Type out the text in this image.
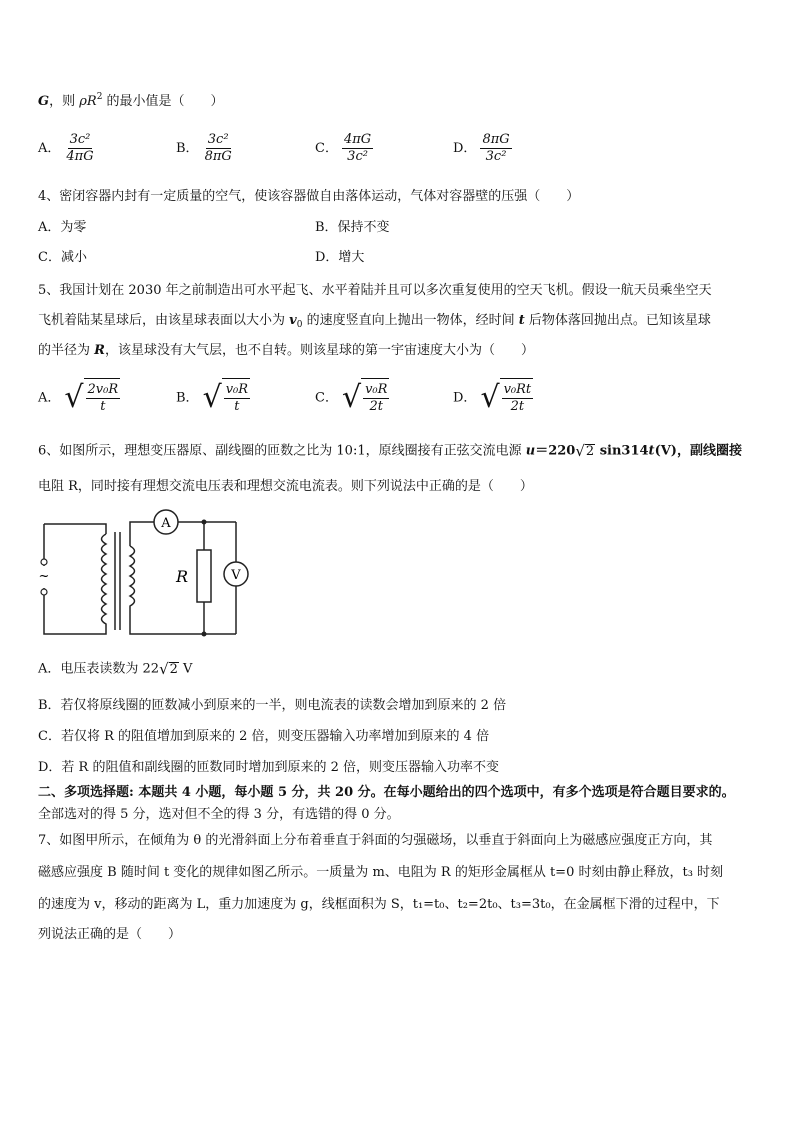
G，则 $\rho R^2$ 的最小值是（　　）
A． $\frac{\text{3c²}}{4\pi G}$	B． $\frac{\text{3c²}}{8\pi G}$	C． $\frac{4\pi G}{\text{3c²}}$	D． $\frac{8\pi G}{\text{3c²}}$
4、密闭容器内封有一定质量的空气，使该容器做自由落体运动，气体对容器壁的压强（　　）
A．为零	B．保持不变
C．减小	D．增大
5、我国计划在 2030 年之前制造出可水平起飞、水平着陆并且可以多次重复使用的空天飞机。假设一航天员乘坐空天
飞机着陆某星球后，由该星球表面以大小为 $v_0$ 的速度竖直向上抛出一物体，经时间 t 后物体落回抛出点。已知该星球
的半径为 R，该星球没有大气层，也不自转。则该星球的第一宇宙速度大小为（　　）
A． √ $\frac{\text{2v₀R}}{t}$	B． √ $\frac{\text{v₀R}}{t}$	C． √ $\frac{\text{v₀R}}{2t}$	D． √ $\frac{\text{v₀Rt}}{2t}$
6、如图所示，理想变压器原、副线圈的匝数之比为 10:1，原线圈接有正弦交流电源 u＝220 √ 2 sin314t(V)，副线圈接
电阻 R，同时接有理想交流电压表和理想交流电流表。则下列说法中正确的是（　　）
~
A
V
R
A．电压表读数为 22 √ 2 V
B．若仅将原线圈的匝数减小到原来的一半，则电流表的读数会增加到原来的 2 倍
C．若仅将 R 的阻值增加到原来的 2 倍，则变压器输入功率增加到原来的 4 倍
D．若 R 的阻值和副线圈的匝数同时增加到原来的 2 倍，则变压器输入功率不变
二、多项选择题: 本题共 4 小题，每小题 5 分，共 20 分。在每小题给出的四个选项中，有多个选项是符合题目要求的。
全部选对的得 5 分，选对但不全的得 3 分，有选错的得 0 分。
7、如图甲所示，在倾角为 θ 的光滑斜面上分布着垂直于斜面的匀强磁场，以垂直于斜面向上为磁感应强度正方向，其
磁感应强度 B 随时间 t 变化的规律如图乙所示。一质量为 m、电阻为 R 的矩形金属框从 t=0 时刻由静止释放，t₃ 时刻
的速度为 v，移动的距离为 L，重力加速度为 g，线框面积为 S，t₁=t₀、t₂=2t₀、t₃=3t₀，在金属框下滑的过程中，下
列说法正确的是（　　）
